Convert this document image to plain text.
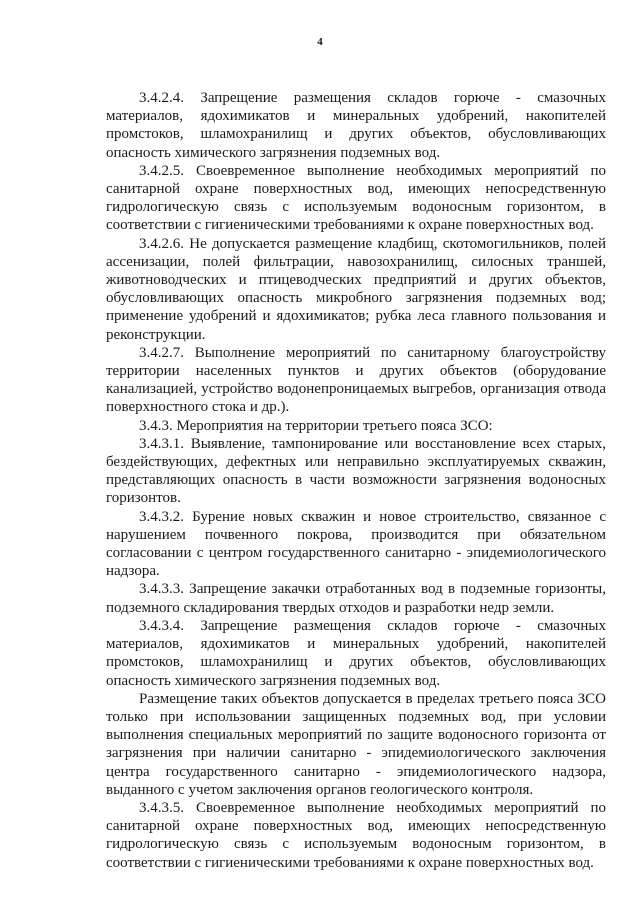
4

3.4.2.4. Запрещение размещения складов горюче - смазочных материалов, ядохимикатов и минеральных удобрений, накопителей промстоков, шламохранилищ и других объектов, обусловливающих опасность химического загрязнения подземных вод.

3.4.2.5. Своевременное выполнение необходимых мероприятий по санитарной охране поверхностных вод, имеющих непосредственную гидрологическую связь с используемым водоносным горизонтом, в соответствии с гигиеническими требованиями к охране поверхностных вод.

3.4.2.6. Не допускается размещение кладбищ, скотомогильников, полей ассенизации, полей фильтрации, навозохранилищ, силосных траншей, животноводческих и птицеводческих предприятий и других объектов, обусловливающих опасность микробного загрязнения подземных вод; применение удобрений и ядохимикатов; рубка леса главного пользования и реконструкции.

3.4.2.7. Выполнение мероприятий по санитарному благоустройству территории населенных пунктов и других объектов (оборудование канализацией, устройство водонепроницаемых выгребов, организация отвода поверхностного стока и др.).

3.4.3. Мероприятия на территории третьего пояса ЗСО:

3.4.3.1. Выявление, тампонирование или восстановление всех старых, бездействующих, дефектных или неправильно эксплуатируемых скважин, представляющих опасность в части возможности загрязнения водоносных горизонтов.

3.4.3.2. Бурение новых скважин и новое строительство, связанное с нарушением почвенного покрова, производится при обязательном согласовании с центром государственного санитарно - эпидемиологического надзора.

3.4.3.3. Запрещение закачки отработанных вод в подземные горизонты, подземного складирования твердых отходов и разработки недр земли.

3.4.3.4. Запрещение размещения складов горюче - смазочных материалов, ядохимикатов и минеральных удобрений, накопителей промстоков, шламохранилищ и других объектов, обусловливающих опасность химического загрязнения подземных вод.

Размещение таких объектов допускается в пределах третьего пояса ЗСО только при использовании защищенных подземных вод, при условии выполнения специальных мероприятий по защите водоносного горизонта от загрязнения при наличии санитарно - эпидемиологического заключения центра государственного санитарно - эпидемиологического надзора, выданного с учетом заключения органов геологического контроля.

3.4.3.5. Своевременное выполнение необходимых мероприятий по санитарной охране поверхностных вод, имеющих непосредственную гидрологическую связь с используемым водоносным горизонтом, в соответствии с гигиеническими требованиями к охране поверхностных вод.
